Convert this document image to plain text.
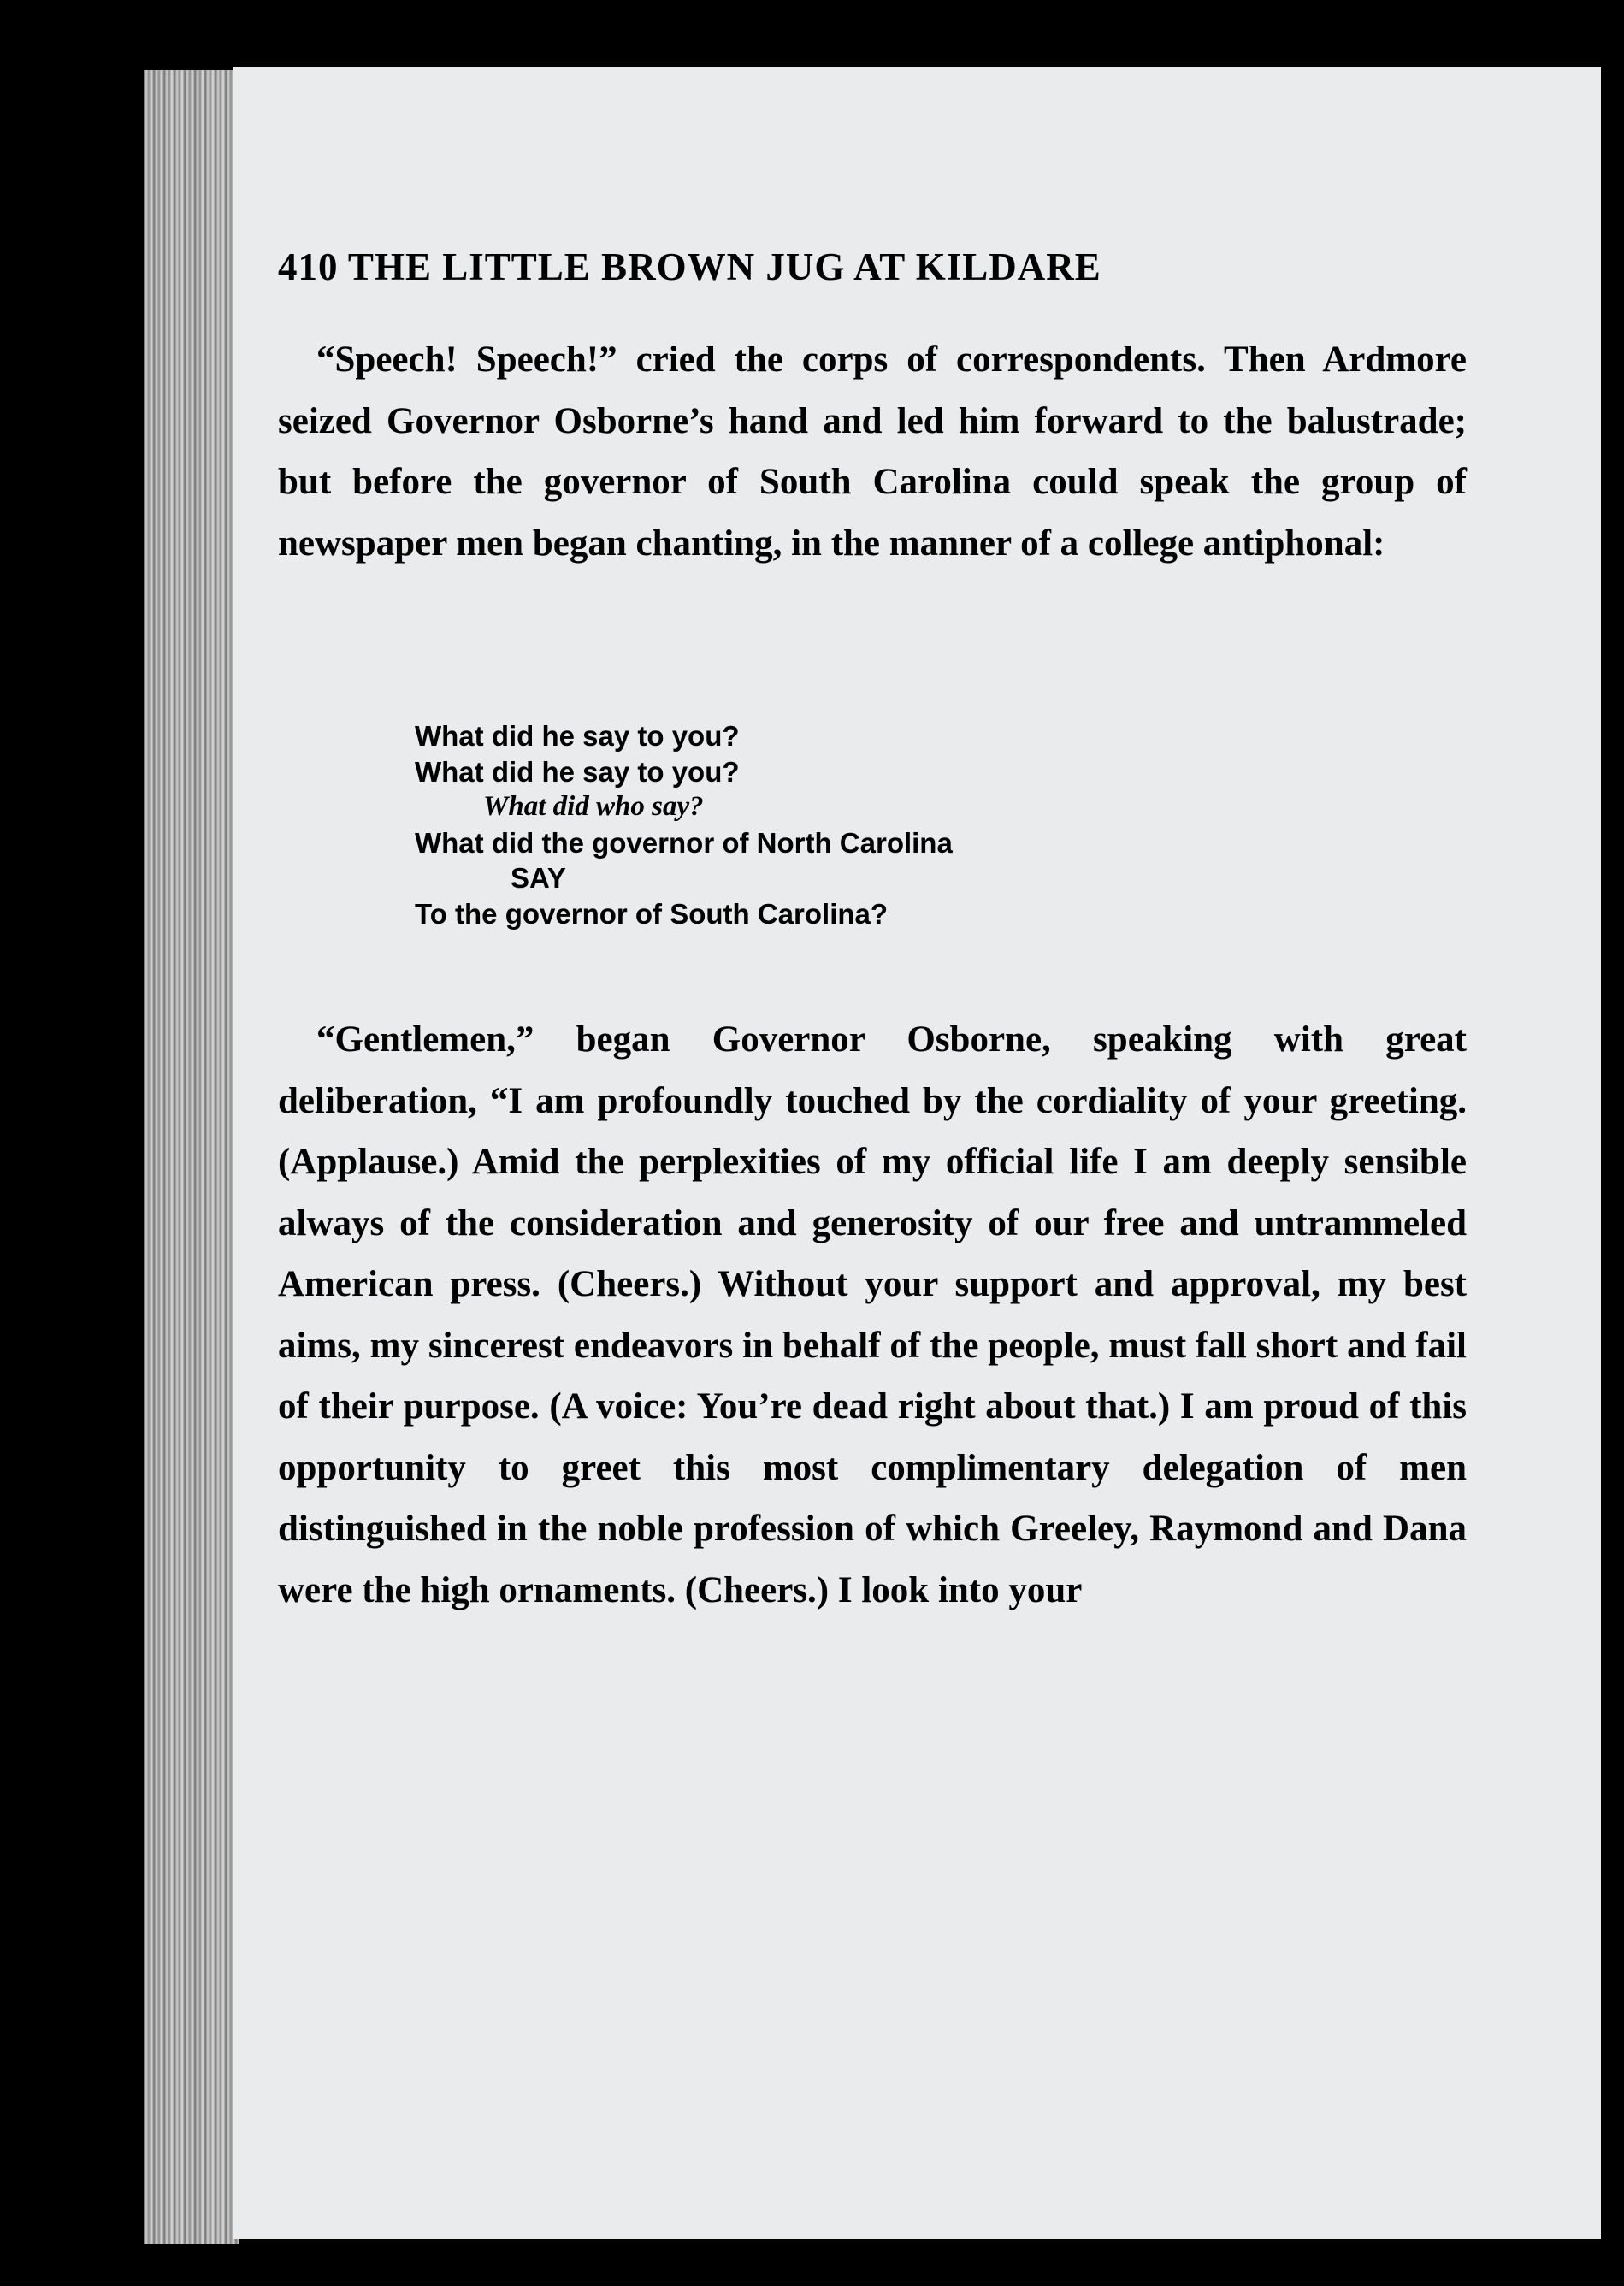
410 THE LITTLE BROWN JUG AT KILDARE

“Speech! Speech!” cried the corps of correspondents. Then Ardmore seized Governor Osborne’s hand and led him forward to the balustrade; but before the governor of South Carolina could speak the group of newspaper men began chanting, in the manner of a college antiphonal:

What did he say to you?
What did he say to you?
What did who say?
What did the governor of North Carolina
SAY
To the governor of South Carolina?

“Gentlemen,” began Governor Osborne, speaking with great deliberation, “I am profoundly touched by the cordiality of your greeting. (Applause.) Amid the perplexities of my official life I am deeply sensible always of the consideration and generosity of our free and untrammeled American press. (Cheers.) Without your support and approval, my best aims, my sincerest endeavors in behalf of the people, must fall short and fail of their purpose. (A voice: You’re dead right about that.) I am proud of this opportunity to greet this most complimentary delegation of men distinguished in the noble profession of which Greeley, Raymond and Dana were the high ornaments. (Cheers.) I look into your
